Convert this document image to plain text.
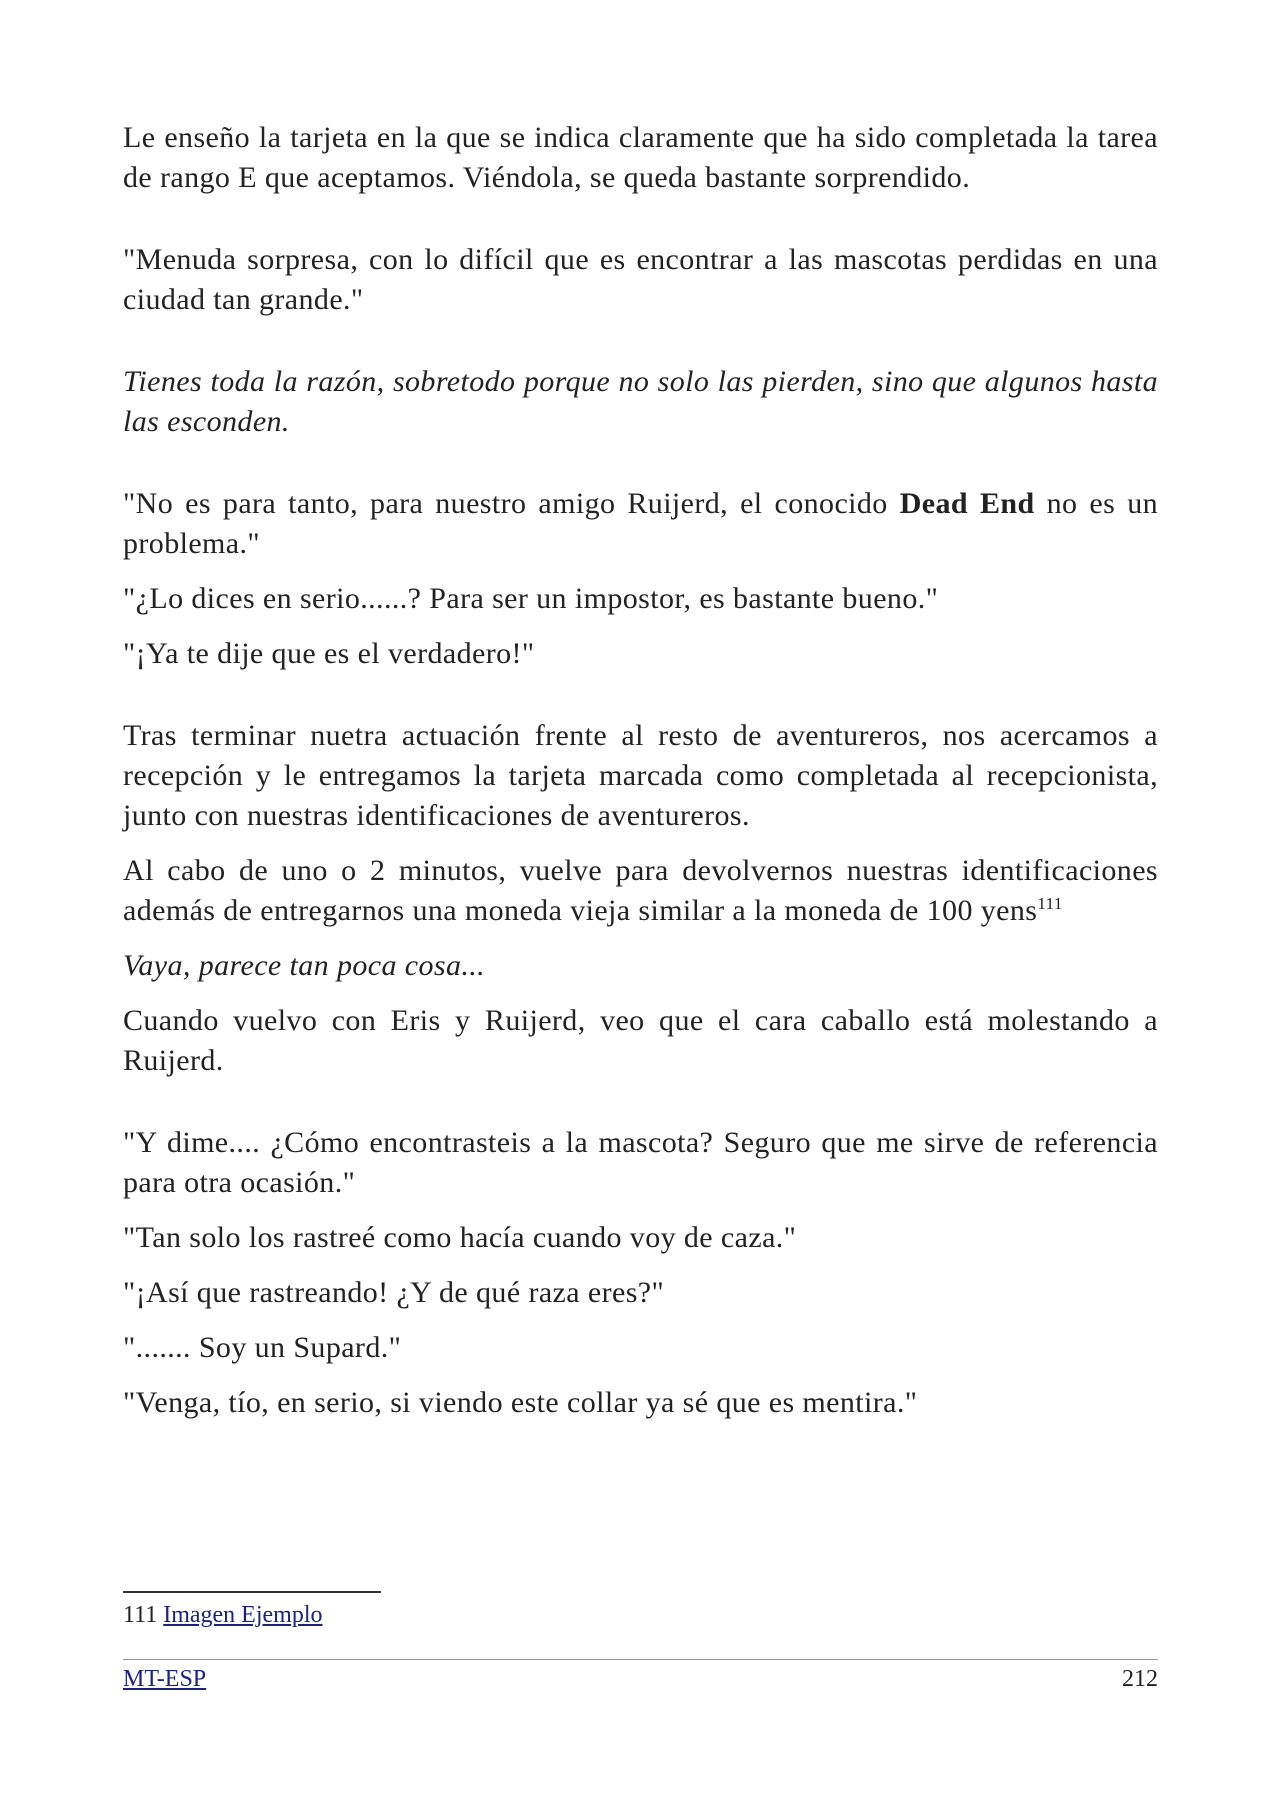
Le enseño la tarjeta en la que se indica claramente que ha sido completada la tarea de rango E que aceptamos. Viéndola, se queda bastante sorprendido.

"Menuda sorpresa, con lo difícil que es encontrar a las mascotas perdidas en una ciudad tan grande."

Tienes toda la razón, sobretodo porque no solo las pierden, sino que algunos hasta las esconden.

"No es para tanto, para nuestro amigo Ruijerd, el conocido Dead End no es un problema."

"¿Lo dices en serio......? Para ser un impostor, es bastante bueno."

"¡Ya te dije que es el verdadero!"

Tras terminar nuetra actuación frente al resto de aventureros, nos acercamos a recepción y le entregamos la tarjeta marcada como completada al recepcionista, junto con nuestras identificaciones de aventureros.

Al cabo de uno o 2 minutos, vuelve para devolvernos nuestras identificaciones además de entregarnos una moneda vieja similar a la moneda de 100 yens$^{111}$

Vaya, parece tan poca cosa...

Cuando vuelvo con Eris y Ruijerd, veo que el cara caballo está molestando a Ruijerd.

"Y dime.... ¿Cómo encontrasteis a la mascota? Seguro que me sirve de referencia para otra ocasión."

"Tan solo los rastreé como hacía cuando voy de caza."

"¡Así que rastreando! ¿Y de qué raza eres?"

"....... Soy un Supard."

"Venga, tío, en serio, si viendo este collar ya sé que es mentira."

111 Imagen Ejemplo
MT-ESP	212
